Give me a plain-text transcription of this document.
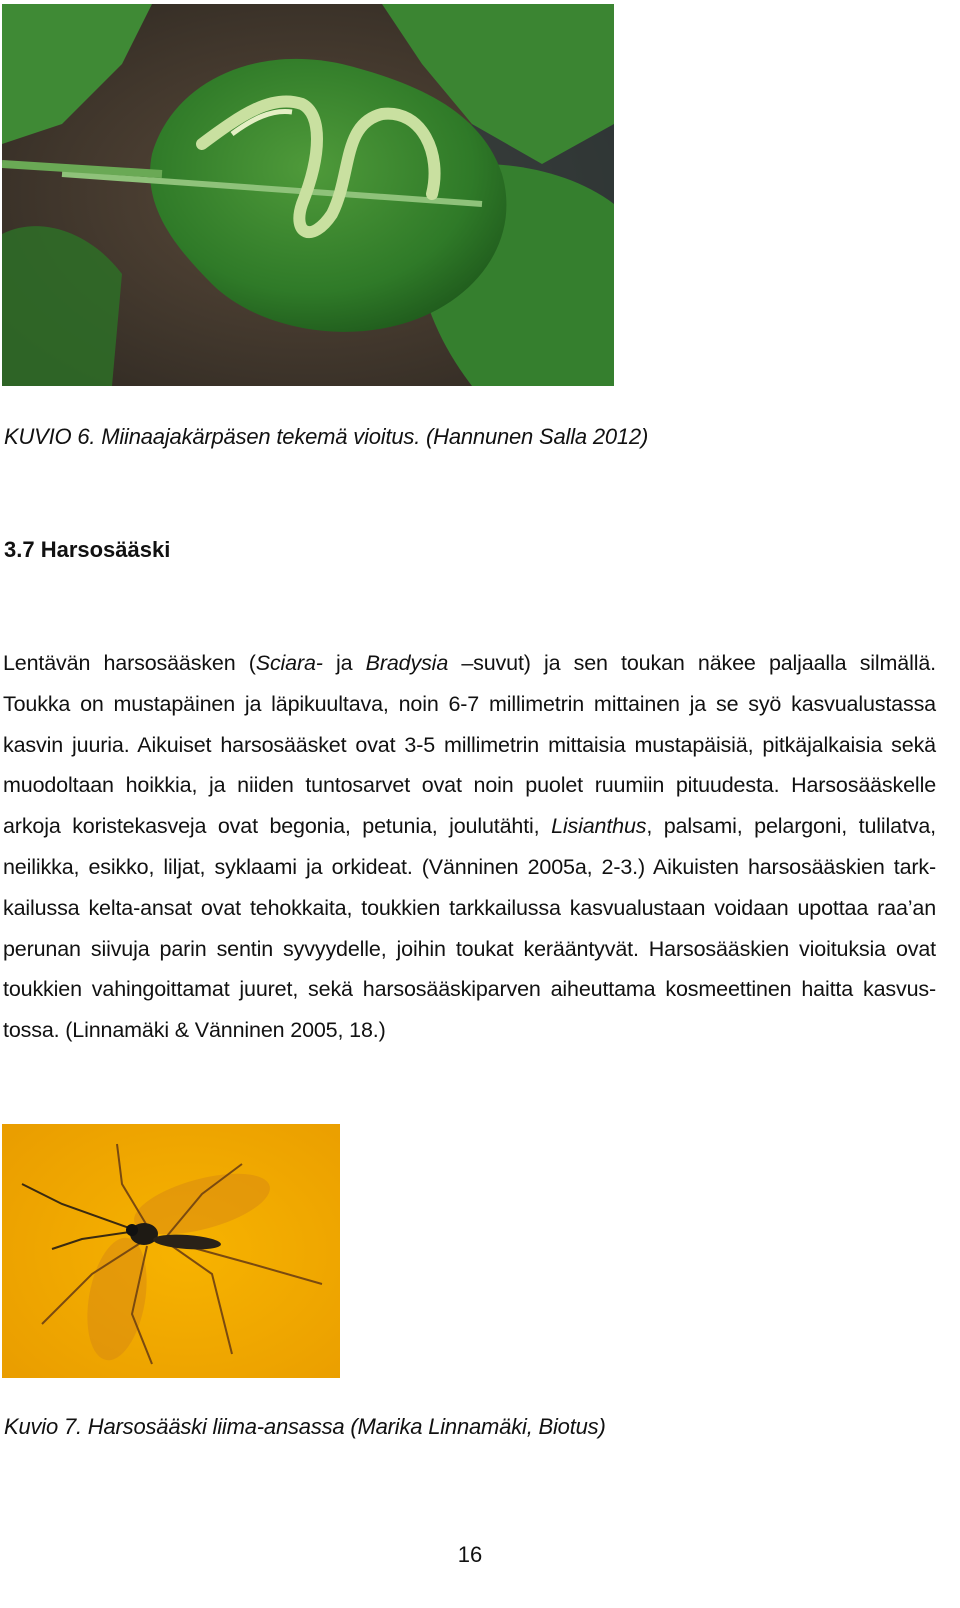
KUVIO 6. Miinaajakärpäsen tekemä vioitus. (Hannunen Salla 2012)
3.7 Harsosääski
Lentävän harsosääsken (Sciara- ja Bradysia –suvut) ja sen toukan näkee paljaalla silmällä.
Toukka on mustapäinen ja läpikuultava, noin 6-7 millimetrin mittainen ja se syö kasvualustassa
kasvin juuria. Aikuiset harsosääsket ovat 3-5 millimetrin mittaisia mustapäisiä, pitkäjalkaisia sekä
muodoltaan hoikkia, ja niiden tuntosarvet ovat noin puolet ruumiin pituudesta. Harsosääskelle
arkoja koristekasveja ovat begonia, petunia, joulutähti, Lisianthus, palsami, pelargoni, tulilatva,
neilikka, esikko, liljat, syklaami ja orkideat. (Vänninen 2005a, 2-3.) Aikuisten harsosääskien tark-
kailussa kelta-ansat ovat tehokkaita, toukkien tarkkailussa kasvualustaan voidaan upottaa raa’an
perunan siivuja parin sentin syvyydelle, joihin toukat kerääntyvät. Harsosääskien vioituksia ovat
toukkien vahingoittamat juuret, sekä harsosääskiparven aiheuttama kosmeettinen haitta kasvus-
tossa. (Linnamäki & Vänninen 2005, 18.)
Kuvio 7. Harsosääski liima-ansassa (Marika Linnamäki, Biotus)
16
